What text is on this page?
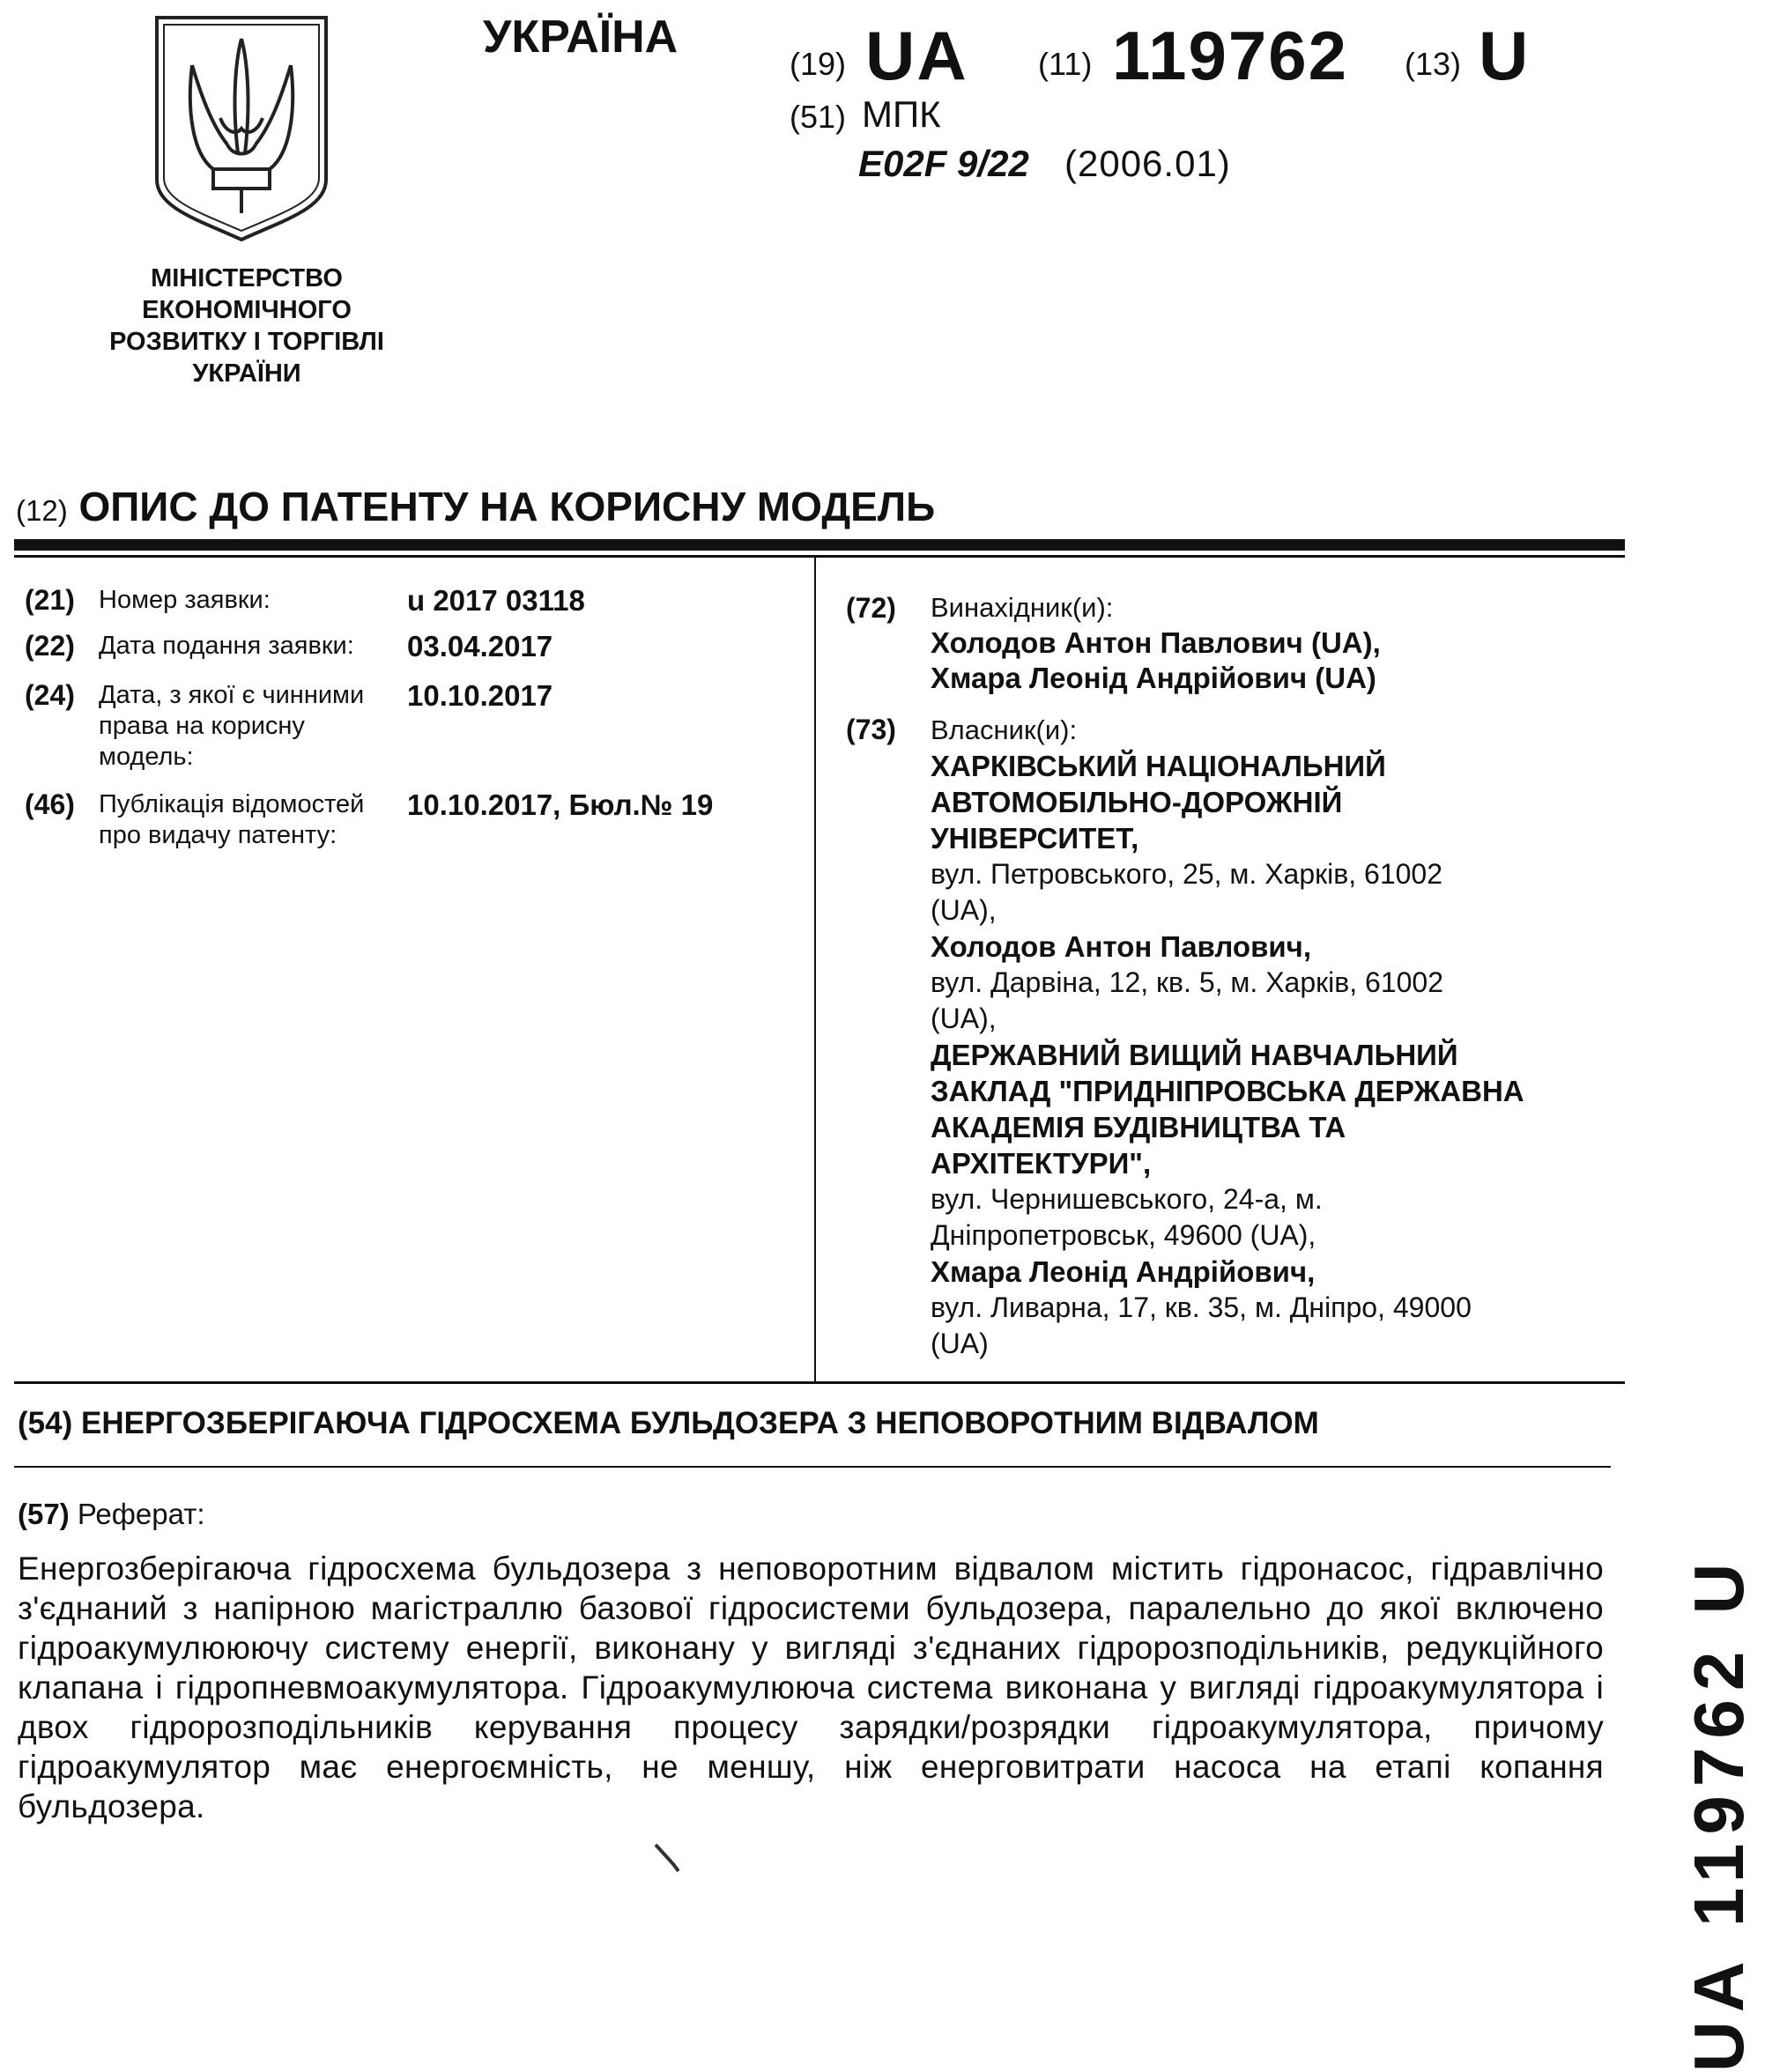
МІНІСТЕРСТВО
ЕКОНОМІЧНОГО
РОЗВИТКУ І ТОРГІВЛІ
УКРАЇНИ
УКРАЇНА
(19) UA (11) 119762 (13) U
(51) МПК
E02F 9/22 (2006.01)
(12) ОПИС ДО ПАТЕНТУ НА КОРИСНУ МОДЕЛЬ
(21) Номер заявки:	u 2017 03118
(22) Дата подання заявки:	03.04.2017
(24) Дата, з якої є чинними
права на корисну
модель:
10.10.2017
(46) Публікація відомостей
про видачу патенту:
10.10.2017, Бюл.№ 19
(72) Винахідник(и):
Холодов Антон Павлович (UA),
Хмара Леонід Андрійович (UA)
(73) Власник(и):
ХАРКІВСЬКИЙ НАЦІОНАЛЬНИЙ
АВТОМОБІЛЬНО-ДОРОЖНІЙ
УНІВЕРСИТЕТ,
вул. Петровського, 25, м. Харків, 61002
(UA),
Холодов Антон Павлович,
вул. Дарвіна, 12, кв. 5, м. Харків, 61002
(UA),
ДЕРЖАВНИЙ ВИЩИЙ НАВЧАЛЬНИЙ
ЗАКЛАД "ПРИДНІПРОВСЬКА ДЕРЖАВНА
АКАДЕМІЯ БУДІВНИЦТВА ТА
АРХІТЕКТУРИ",
вул. Чернишевського, 24-а, м.
Дніпропетровськ, 49600 (UA),
Хмара Леонід Андрійович,
вул. Ливарна, 17, кв. 35, м. Дніпро, 49000
(UA)
(54) ЕНЕРГОЗБЕРІГАЮЧА ГІДРОСХЕМА БУЛЬДОЗЕРА З НЕПОВОРОТНИМ ВІДВАЛОМ
(57) Реферат:
Енергозберігаюча гідросхема бульдозера з неповоротним відвалом містить гідронасос, гідравлічно з'єднаний з напірною магістраллю базової гідросистеми бульдозера, паралельно до якої включено гідроакумулююючу систему енергії, виконану у вигляді з'єднаних гідророзподільників, редукційного клапана і гідропневмоакумулятора. Гідроакумулююча система виконана у вигляді гідроакумулятора і двох гідророзподільників керування процесу зарядки/розрядки гідроакумулятора, причому гідроакумулятор має енергоємність, не меншу, ніж енерговитрати насоса на етапі копання бульдозера.	UA 119762 U
